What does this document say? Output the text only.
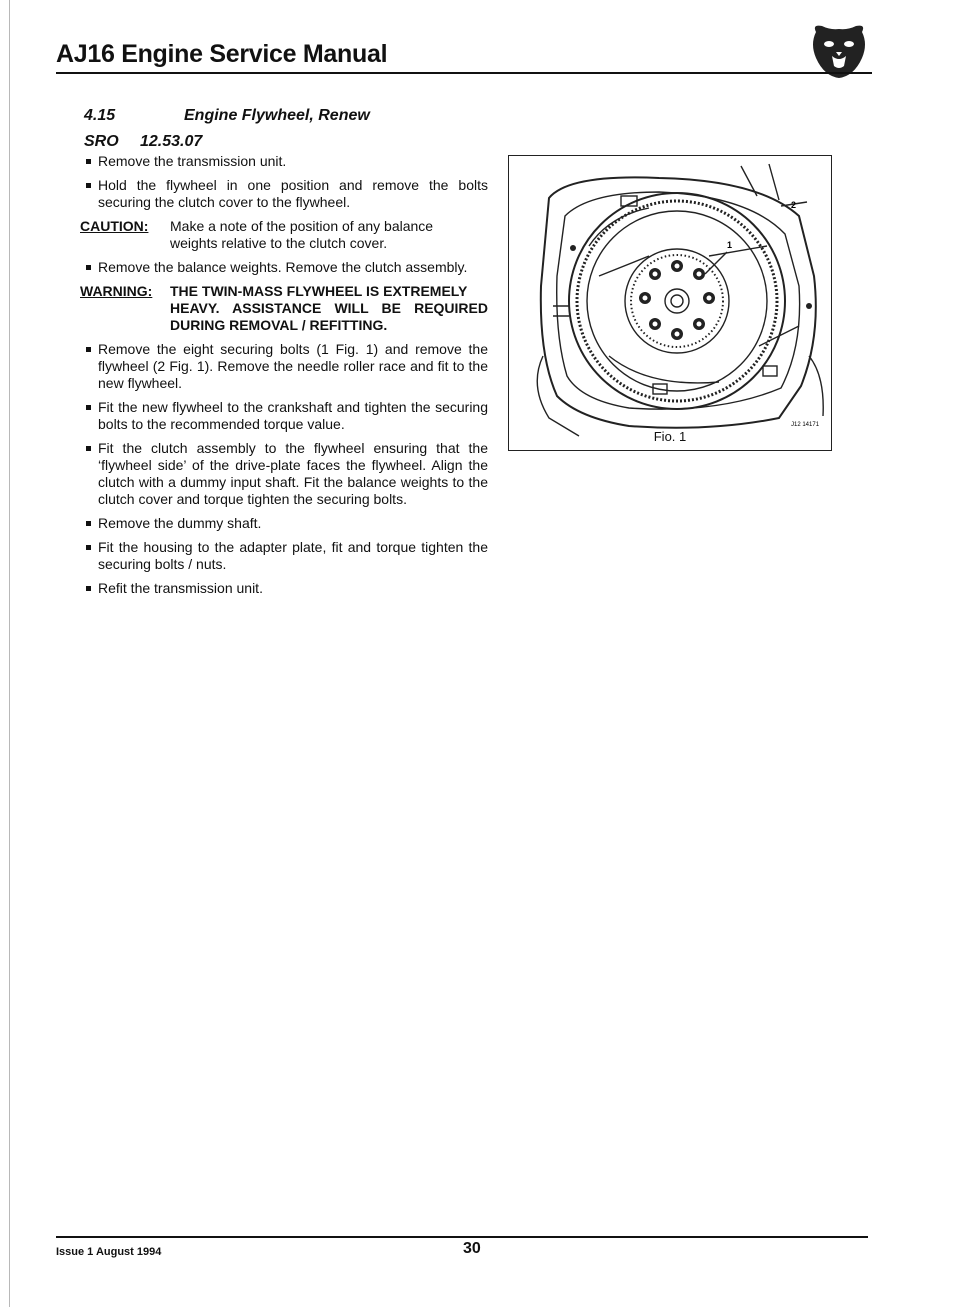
AJ16 Engine Service Manual
4.15	Engine Flywheel, Renew
SRO 12.53.07
Remove the transmission unit.
Hold the flywheel in one position and remove the bolts securing the clutch cover to the flywheel.
CAUTION: Make a note of the position of any balance
weights relative to the clutch cover.
Remove the balance weights. Remove the clutch assembly.
WARNING: THE TWIN-MASS FLYWHEEL IS EXTREMELY
HEAVY. ASSISTANCE WILL BE REQUIRED DURING REMOVAL / REFITTING.
Remove the eight securing bolts (1 Fig. 1) and remove the flywheel (2 Fig. 1). Remove the needle roller race and fit to the new flywheel.
Fit the new flywheel to the crankshaft and tighten the securing bolts to the recommended torque value.
Fit the clutch assembly to the flywheel ensuring that the ‘flywheel side’ of the drive-plate faces the flywheel. Align the clutch with a dummy input shaft. Fit the balance weights to the clutch cover and torque tighten the securing bolts.
Remove the dummy shaft.
Fit the housing to the adapter plate, fit and torque tighten the securing bolts / nuts.
Refit the transmission unit.
1
2
J12 14171
Fio. 1
Issue 1 August 1994	30
